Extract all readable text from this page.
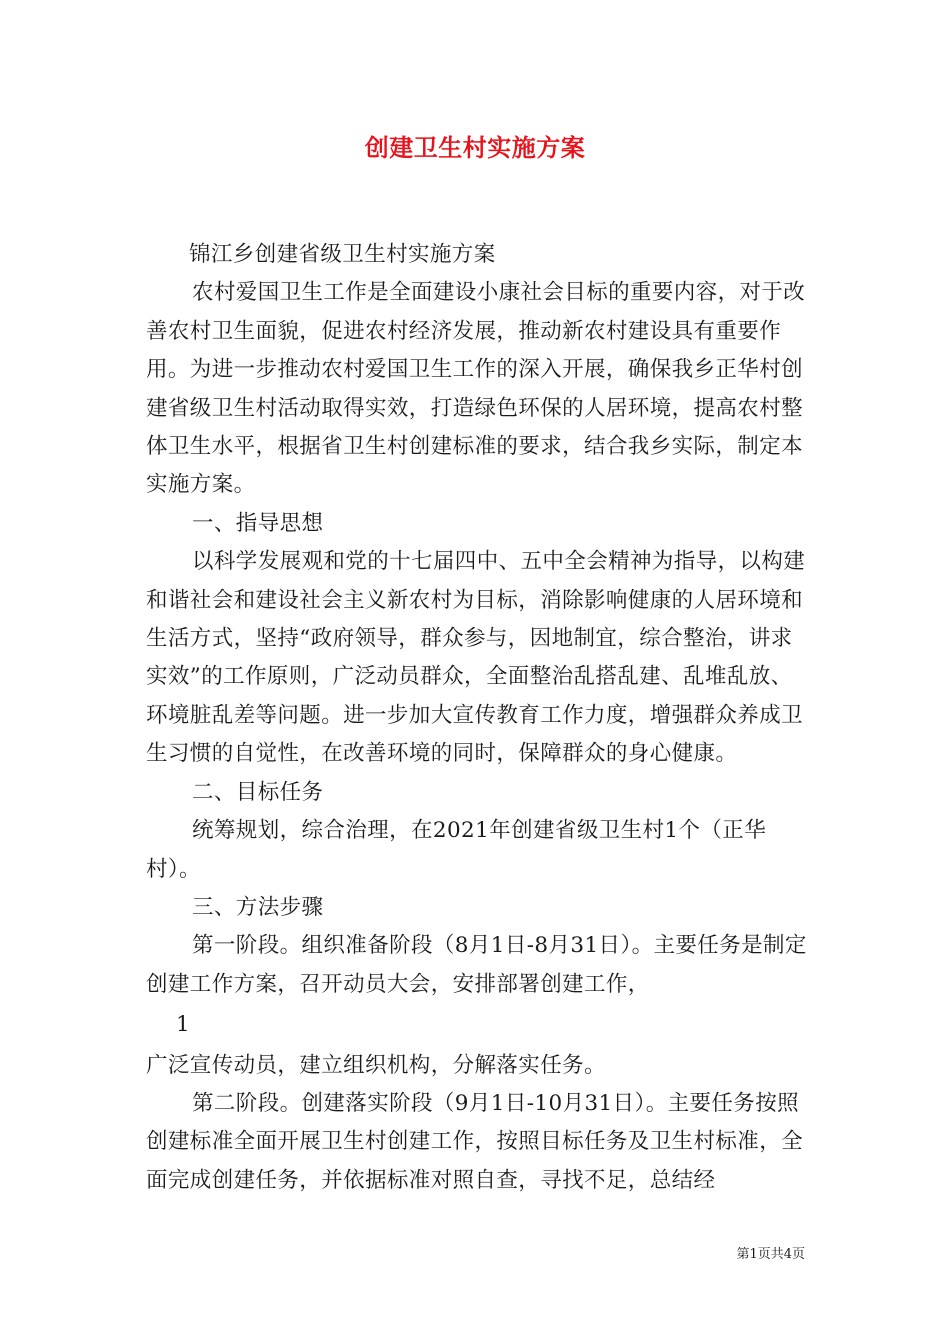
创建卫生村实施方案

锦江乡创建省级卫生村实施方案

农村爱国卫生工作是全面建设小康社会目标的重要内容，对于改善农村卫生面貌，促进农村经济发展，推动新农村建设具有重要作用。为进一步推动农村爱国卫生工作的深入开展，确保我乡正华村创建省级卫生村活动取得实效，打造绿色环保的人居环境，提高农村整体卫生水平，根据省卫生村创建标准的要求，结合我乡实际，制定本实施方案。

一、指导思想

以科学发展观和党的十七届四中、五中全会精神为指导，以构建和谐社会和建设社会主义新农村为目标，消除影响健康的人居环境和生活方式，坚持“政府领导，群众参与，因地制宜，综合整治，讲求实效”的工作原则，广泛动员群众，全面整治乱搭乱建、乱堆乱放、环境脏乱差等问题。进一步加大宣传教育工作力度，增强群众养成卫生习惯的自觉性，在改善环境的同时，保障群众的身心健康。

二、目标任务

统筹规划，综合治理，在2021年创建省级卫生村1个（正华村）。

三、方法步骤

第一阶段。组织准备阶段（8月1日-8月31日）。主要任务是制定创建工作方案，召开动员大会，安排部署创建工作，

1

广泛宣传动员，建立组织机构，分解落实任务。

第二阶段。创建落实阶段（9月1日-10月31日）。主要任务按照创建标准全面开展卫生村创建工作，按照目标任务及卫生村标准，全面完成创建任务，并依据标准对照自查，寻找不足，总结经

第1页共4页
